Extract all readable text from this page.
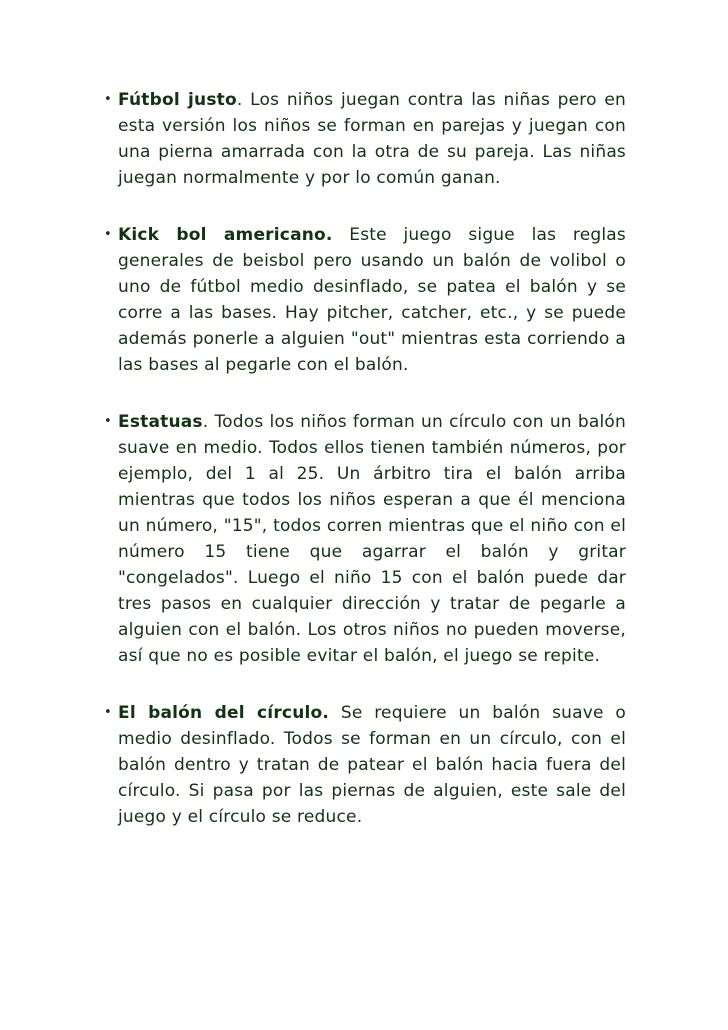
• Fútbol justo. Los niños juegan contra las niñas pero en esta versión los niños se forman en parejas y juegan con una pierna amarrada con la otra de su pareja. Las niñas juegan normalmente y por lo común ganan.
• Kick bol americano. Este juego sigue las reglas generales de beisbol pero usando un balón de volibol o uno de fútbol medio desinflado, se patea el balón y se corre a las bases. Hay pitcher, catcher, etc., y se puede además ponerle a alguien "out" mientras esta corriendo a las bases al pegarle con el balón.
• Estatuas. Todos los niños forman un círculo con un balón suave en medio. Todos ellos tienen también números, por ejemplo, del 1 al 25. Un árbitro tira el balón arriba mientras que todos los niños esperan a que él menciona un número, "15", todos corren mientras que el niño con el número 15 tiene que agarrar el balón y gritar "congelados". Luego el niño 15 con el balón puede dar tres pasos en cualquier dirección y tratar de pegarle a alguien con el balón. Los otros niños no pueden moverse, así que no es posible evitar el balón, el juego se repite.
• El balón del círculo. Se requiere un balón suave o medio desinflado. Todos se forman en un círculo, con el balón dentro y tratan de patear el balón hacia fuera del círculo. Si pasa por las piernas de alguien, este sale del juego y el círculo se reduce.
